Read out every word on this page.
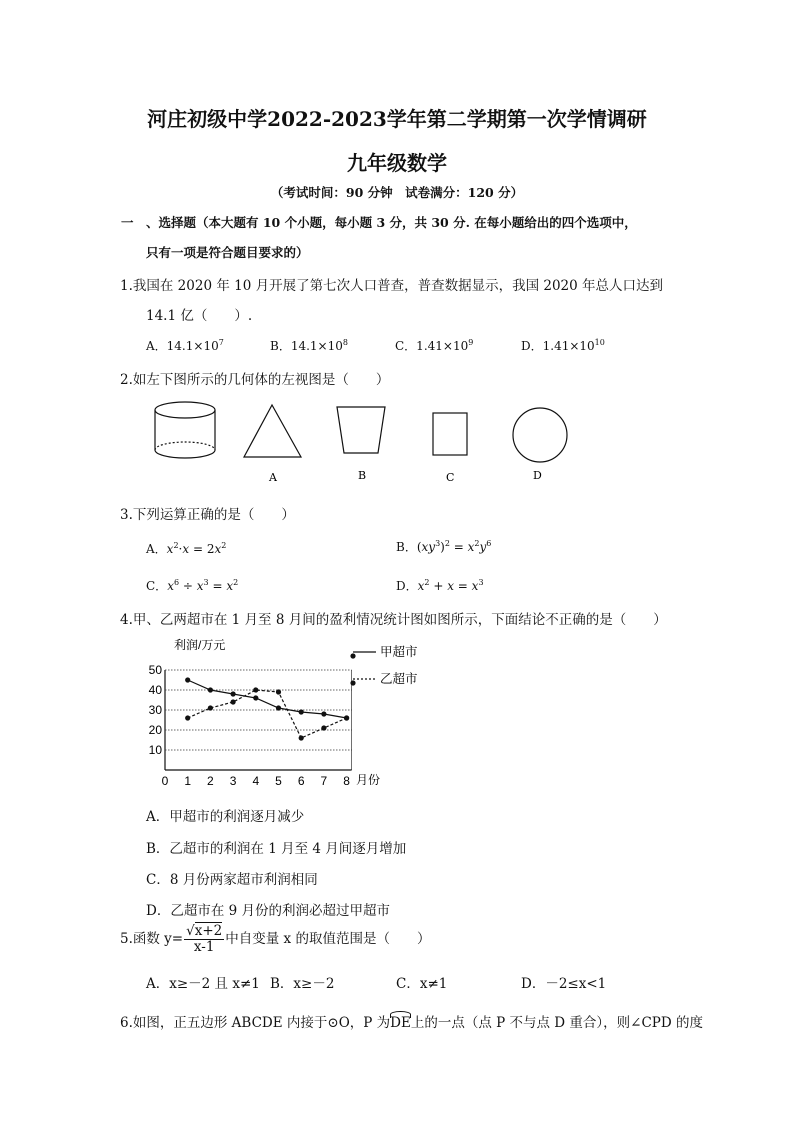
河庄初级中学2022-2023学年第二学期第一次学情调研
九年级数学
（考试时间：90 分钟　试卷满分：120 分）
一 、选择题（本大题有 10 个小题，每小题 3 分，共 30 分. 在每小题给出的四个选项中，
只有一项是符合题目要求的）
1.我国在 2020 年 10 月开展了第七次人口普查，普查数据显示，我国 2020 年总人口达到
14.1 亿（　　）.
A．$14.1\times 10^7$	B．$14.1\times 10^8$	C．$1.41\times 10^9$	D．$1.41\times 10^{10}$
2.如左下图所示的几何体的左视图是（　　）
A	B	C	D
3.下列运算正确的是（　　）
A．$x^2\cdot x = 2x^2$	B．$(xy^3)^2 = x^2y^6$
C．$x^6 \div x^3 = x^2$	D．$x^2 + x = x^3$
4.甲、乙两超市在 1 月至 8 月间的盈利情况统计图如图所示，下面结论不正确的是（　　）
利润/万元
月份
10
20
30
40
50
0 1 2 3 4 5 6 7 8
甲超市
乙超市
A．甲超市的利润逐月减少
B．乙超市的利润在 1 月至 4 月间逐月增加
C．8 月份两家超市利润相同
D．乙超市在 9 月份的利润必超过甲超市
5.函数 $y= \frac{√x+2}{x-1}$ 中自变量 x 的取值范围是（　　）
A．x≥－2 且 x≠1 B．x≥－2	C．x≠1	D．－2≤x<1
6.如图，正五边形 ABCDE 内接于⊙O，P 为DE上的一点（点 P 不与点 D 重合），则∠CPD 的度
